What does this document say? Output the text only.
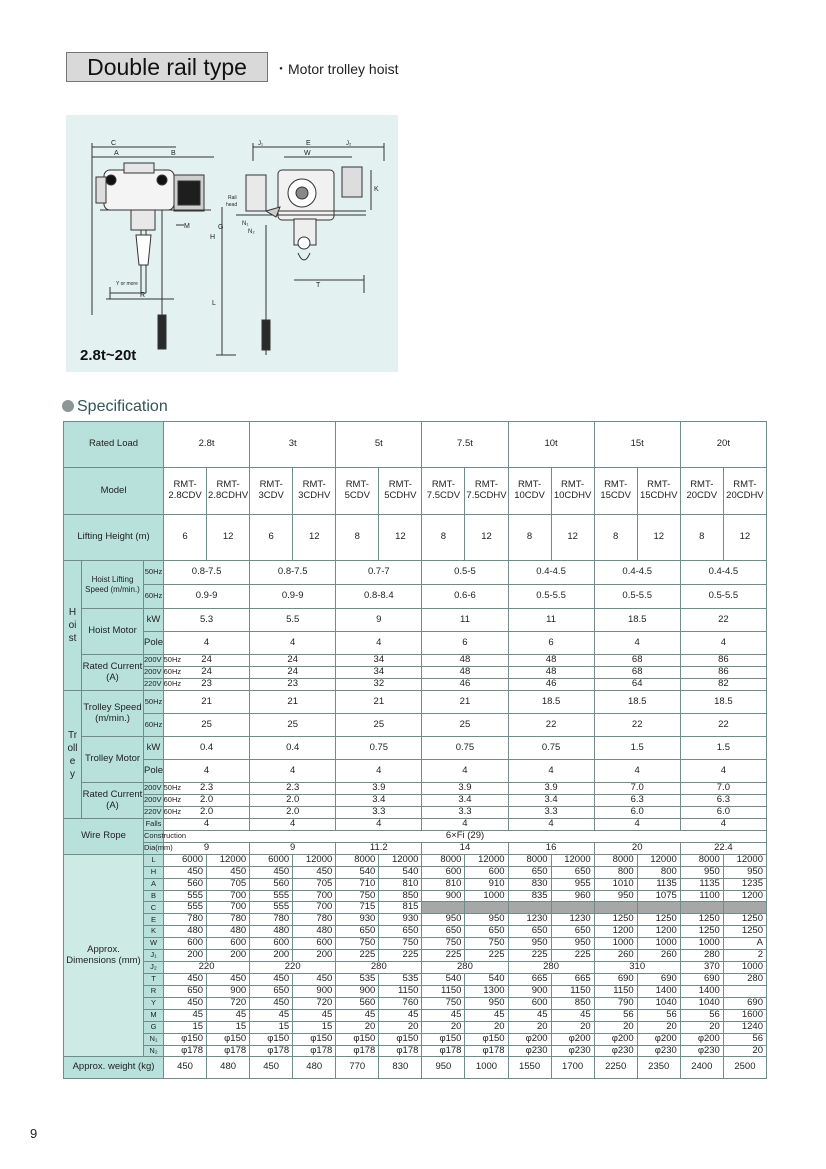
Double rail type	・Motor trolley hoist
C
A	B
M
Y or more
R
J₁	E	J₂
W
K
Rail
head
N₁
N₂
H
G
L
T
2.8t~20t
Specification
Rated Load			2.8t		3t		5t		7.5t		10t		15t		20t	
Model			RMT-2.8CDV	RMT-2.8CDHV	RMT-3CDV	RMT-3CDHV	RMT-5CDV	RMT-5CDHV	RMT-7.5CDV	RMT-7.5CDHV	RMT-10CDV	RMT-10CDHV	RMT-15CDV	RMT-15CDHV	RMT-20CDV	RMT-20CDHV
Lifting Height (m)			6	12	6	12	8	12	8	12	8	12	8	12	8	12
Hoist	Hoist Lifting Speed (m/min.)	50Hz	0.8-7.5		0.8-7.5		0.7-7		0.5-5		0.4-4.5		0.4-4.5		0.4-4.5	
		60Hz	0.9-9		0.9-9		0.8-8.4		0.6-6		0.5-5.5		0.5-5.5		0.5-5.5	
	Hoist Motor	kW	5.3		5.5		9		11		11		18.5		22	
		Pole	4		4		4		6		6		4		4	
	Rated Current (A)	200V 50Hz	24		24		34		48		48		68		86	
		200V 60Hz	24		24		34		48		48		68		86	
		220V 60Hz	23		23		32		46		46		64		82	
Trolley	Trolley Speed (m/min.)	50Hz	21		21		21		21		18.5		18.5		18.5	
		60Hz	25		25		25		25		22		22		22	
	Trolley Motor	kW	0.4		0.4		0.75		0.75		0.75		1.5		1.5	
		Pole	4		4		4		4		4		4		4	
	Rated Current (A)	200V 50Hz	2.3		2.3		3.9		3.9		3.9		7.0		7.0	
		200V 60Hz	2.0		2.0		3.4		3.4		3.4		6.3		6.3	
		220V 60Hz	2.0		2.0		3.3		3.3		3.3		6.0		6.0	
Wire Rope		Falls	4		4		4		4		4		4		4	
		Construction	6×Fi (29)													
		Dia(mm)	9		9		11.2		14		16		20		22.4	
Approx. Dimensions (mm)		L	6000	12000	6000	12000	8000	12000	8000	12000	8000	12000	8000	12000	8000	12000
		H	450	450	450	450	540	540	600	600	650	650	800	800	950	950
		A	560	705	560	705	710	810	810	910	830	955	1010	1135	1135	1235
		B	555	700	555	700	750	850	900	1000	835	960	950	1075	1100	1200
		C	555	700	555	700	715	815								
		E	780	780	780	780	930	930	950	950	1230	1230	1250	1250	1250	1250
		K	480	480	480	480	650	650	650	650	650	650	1200	1200	1250	1250
		W	600	600	600	600	750	750	750	750	950	950	1000	1000	1000	A
		J₁	200	200	200	200	225	225	225	225	225	225	260	260	280	2
		J₂	220		220		280		280		280		310		370	1000
		T	450	450	450	450	535	535	540	540	665	665	690	690	690	280
		R	650	900	650	900	900	1150	1150	1300	900	1150	1150	1400	1400	
		Y	450	720	450	720	560	760	750	950	600	850	790	1040	1040	690
		M	45	45	45	45	45	45	45	45	45	45	56	56	56	1600
		G	15	15	15	15	20	20	20	20	20	20	20	20	20	1240
		N₁	φ150	φ150	φ150	φ150	φ150	φ150	φ150	φ150	φ200	φ200	φ200	φ200	φ200	56
		N₂	φ178	φ178	φ178	φ178	φ178	φ178	φ178	φ178	φ230	φ230	φ230	φ230	φ230	20
Approx. weight (kg)			450	480	450	480	770	830	950	1000	1550	1700	2250	2350	2400	2500
9
